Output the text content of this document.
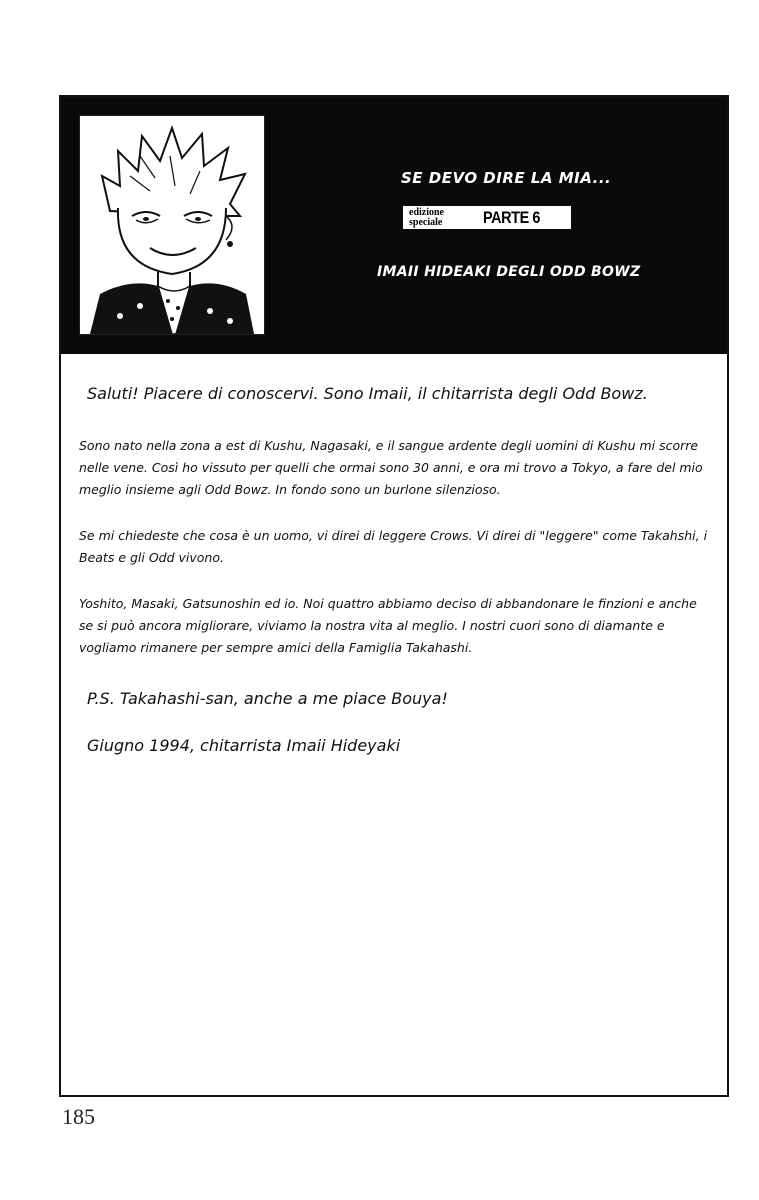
SE DEVO DIRE LA MIA...
edizione speciale	PARTE 6
IMAII HIDEAKI DEGLI ODD BOWZ
Saluti! Piacere di conoscervi. Sono Imaii, il chitarrista degli Odd Bowz.
Sono nato nella zona a est di Kushu, Nagasaki, e il sangue ardente degli uomini di Kushu mi scorre nelle vene. Così ho vissuto per quelli che ormai sono 30 anni, e ora mi trovo a Tokyo, a fare del mio meglio insieme agli Odd Bowz. In fondo sono un burlone silenzioso.
Se mi chiedeste che cosa è un uomo, vi direi di leggere Crows. Vi direi di "leggere" come Takahshi, i Beats e gli Odd vivono.
Yoshito, Masaki, Gatsunoshin ed io. Noi quattro abbiamo deciso di abbandonare le finzioni e anche se si può ancora migliorare, viviamo la nostra vita al meglio. I nostri cuori sono di diamante e vogliamo rimanere per sempre amici della Famiglia Takahashi.
P.S. Takahashi-san, anche a me piace Bouya!
Giugno 1994, chitarrista Imaii Hideyaki
185
